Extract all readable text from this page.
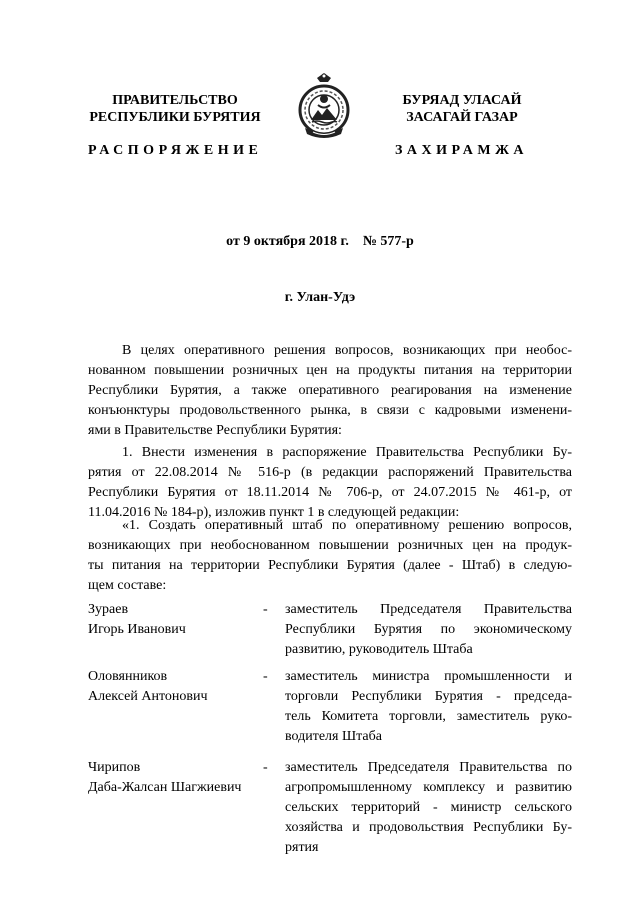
ПРАВИТЕЛЬСТВО
РЕСПУБЛИКИ БУРЯТИЯ
БУРЯАД УЛАСАЙ
ЗАСАГАЙ ГАЗАР
РАСПОРЯЖЕНИЕ	ЗАХИРАМЖА
от 9 октября 2018 г.    № 577-р
г. Улан-Удэ
В целях оперативного решения вопросов, возникающих при необос-
нованном повышении розничных цен на продукты питания на территории
Республики Бурятия, а также оперативного реагирования на изменение
конъюнктуры продовольственного рынка, в связи с кадровыми изменени-
ями в Правительстве Республики Бурятия:
1. Внести изменения в распоряжение Правительства Республики Бу-
рятия от 22.08.2014 № 516-р (в редакции распоряжений Правительства
Республики Бурятия от 18.11.2014 № 706-р, от 24.07.2015 № 461-р, от
11.04.2016 № 184-р), изложив пункт 1 в следующей редакции:
«1. Создать оперативный штаб по оперативному решению вопросов,
возникающих при необоснованном повышении розничных цен на продук-
ты питания на территории Республики Бурятия (далее - Штаб) в следую-
щем составе:
Зураев
Игорь Иванович
- заместитель Председателя Правительства
Республики Бурятия по экономическому
развитию, руководитель Штаба
Оловянников
Алексей Антонович
- заместитель министра промышленности и
торговли Республики Бурятия - председа-
тель Комитета торговли, заместитель руко-
водителя Штаба
Чирипов
Даба-Жалсан Шагжиевич
- заместитель Председателя Правительства по
агропромышленному комплексу и развитию
сельских территорий - министр сельского
хозяйства и продовольствия Республики Бу-
рятия
